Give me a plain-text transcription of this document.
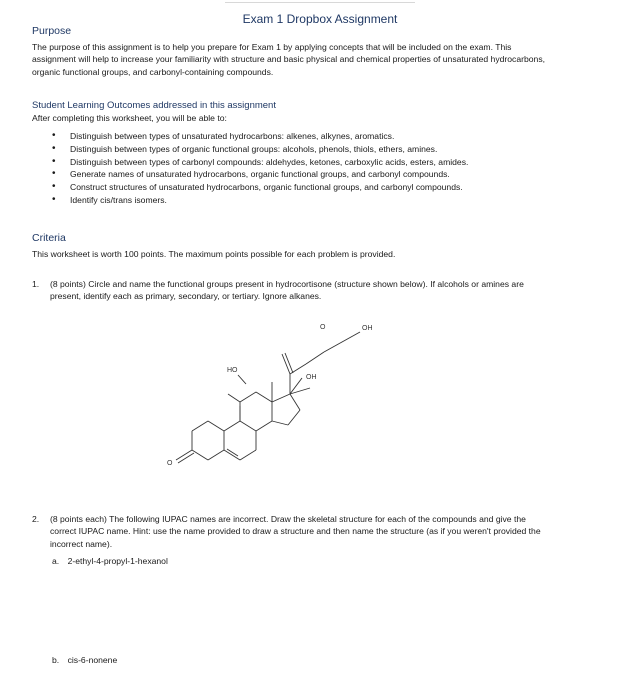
Exam 1 Dropbox Assignment
Purpose
The purpose of this assignment is to help you prepare for Exam 1 by applying concepts that will be included on the exam. This assignment will help to increase your familiarity with structure and basic physical and chemical properties of unsaturated hydrocarbons, organic functional groups, and carbonyl-containing compounds.
Student Learning Outcomes addressed in this assignment
After completing this worksheet, you will be able to:
• Distinguish between types of unsaturated hydrocarbons: alkenes, alkynes, aromatics.
• Distinguish between types of organic functional groups: alcohols, phenols, thiols, ethers, amines.
• Distinguish between types of carbonyl compounds: aldehydes, ketones, carboxylic acids, esters, amides.
• Generate names of unsaturated hydrocarbons, organic functional groups, and carbonyl compounds.
• Construct structures of unsaturated hydrocarbons, organic functional groups, and carbonyl compounds.
• Identify cis/trans isomers.
Criteria
This worksheet is worth 100 points. The maximum points possible for each problem is provided.
1. (8 points) Circle and name the functional groups present in hydrocortisone (structure shown below). If alcohols or amines are present, identify each as primary, secondary, or tertiary. Ignore alkanes.
O
HO
OH
O	OH
2. (8 points each) The following IUPAC names are incorrect. Draw the skeletal structure for each of the compounds and give the correct IUPAC name. Hint: use the name provided to draw a structure and then name the structure (as if you weren't provided the incorrect name).
a. 2-ethyl-4-propyl-1-hexanol
b. cis-6-nonene
